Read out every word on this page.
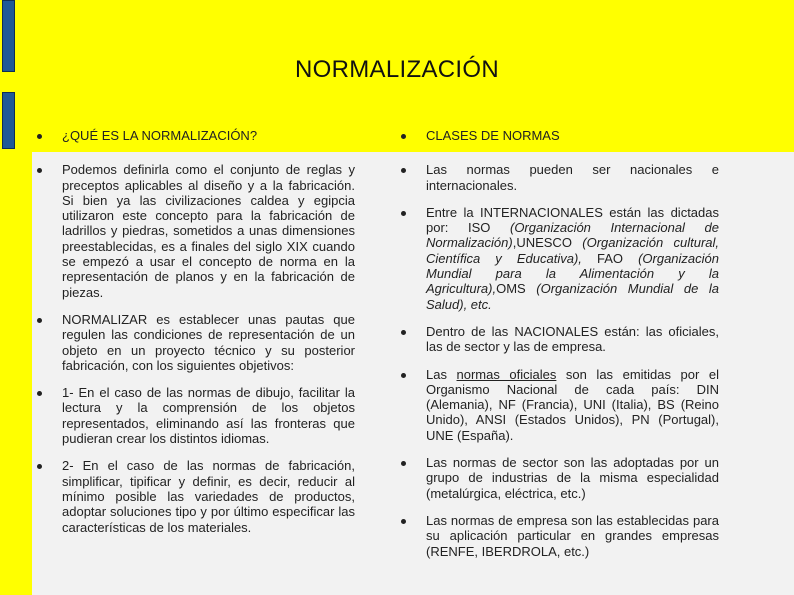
NORMALIZACIÓN
¿QUÉ ES LA NORMALIZACIÓN?
Podemos definirla como el conjunto de reglas y preceptos aplicables al diseño y a la fabricación. Si bien ya las civilizaciones caldea y egipcia utilizaron este concepto para la fabricación de ladrillos y piedras, sometidos a unas dimensiones preestablecidas, es a finales del siglo XIX cuando se empezó a usar el concepto de norma en la representación de planos y en la fabricación de piezas.
NORMALIZAR es establecer unas pautas que regulen las condiciones de representación de un objeto en un proyecto técnico y su posterior fabricación, con los siguientes objetivos:
1- En el caso de las normas de dibujo, facilitar la lectura y la comprensión de los objetos representados, eliminando así las fronteras que pudieran crear los distintos idiomas.
2- En el caso de las normas de fabricación, simplificar, tipificar y definir, es decir, reducir al mínimo posible las variedades de productos, adoptar soluciones tipo y por último especificar las características de los materiales.
CLASES DE NORMAS
Las normas pueden ser nacionales e internacionales.
Entre la INTERNACIONALES están las dictadas por: ISO (Organización Internacional de Normalización),UNESCO (Organización cultural, Científica y Educativa), FAO (Organización Mundial para la Alimentación y la Agricultura),OMS (Organización Mundial de la Salud), etc.
Dentro de las NACIONALES están: las oficiales, las de sector y las de empresa.
Las normas oficiales son las emitidas por el Organismo Nacional de cada país: DIN (Alemania), NF (Francia), UNI (Italia), BS (Reino Unido), ANSI (Estados Unidos), PN (Portugal), UNE (España).
Las normas de sector son las adoptadas por un grupo de industrias de la misma especialidad (metalúrgica, eléctrica, etc.)
Las normas de empresa son las establecidas para su aplicación particular en grandes empresas (RENFE, IBERDROLA, etc.)
